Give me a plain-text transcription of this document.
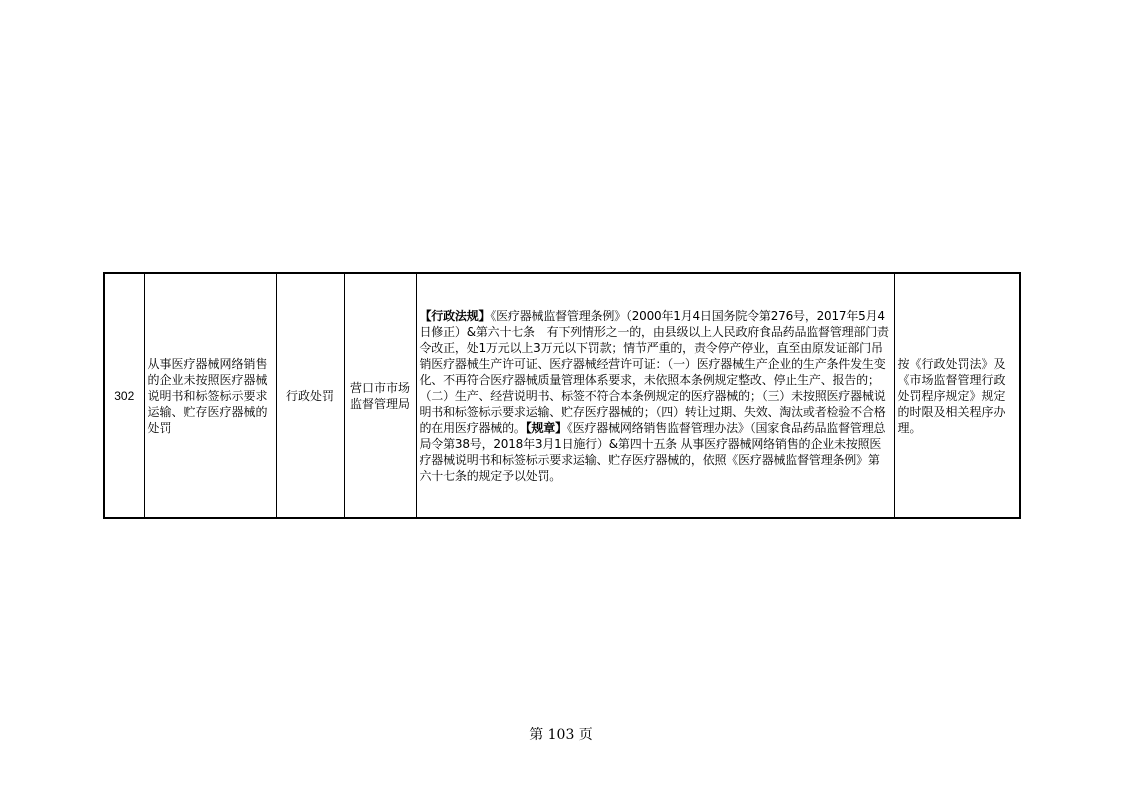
302	从事医疗器械网络销售的企业未按照医疗器械说明书和标签标示要求运输、贮存医疗器械的处罚	行政处罚	营口市市场监督管理局	【行政法规】《医疗器械监督管理条例》（2000年1月4日国务院令第276号，2017年5月4日修正）&第六十七条　有下列情形之一的，由县级以上人民政府食品药品监督管理部门责令改正，处1万元以上3万元以下罚款；情节严重的，责令停产停业，直至由原发证部门吊销医疗器械生产许可证、医疗器械经营许可证：（一）医疗器械生产企业的生产条件发生变化、不再符合医疗器械质量管理体系要求，未依照本条例规定整改、停止生产、报告的；（二）生产、经营说明书、标签不符合本条例规定的医疗器械的；（三）未按照医疗器械说明书和标签标示要求运输、贮存医疗器械的；（四）转让过期、失效、淘汰或者检验不合格的在用医疗器械的。【规章】《医疗器械网络销售监督管理办法》（国家食品药品监督管理总局令第38号，2018年3月1日施行）&第四十五条 从事医疗器械网络销售的企业未按照医疗器械说明书和标签标示要求运输、贮存医疗器械的，依照《医疗器械监督管理条例》第六十七条的规定予以处罚。	按《行政处罚法》及《市场监督管理行政处罚程序规定》规定的时限及相关程序办理。
第 103 页
